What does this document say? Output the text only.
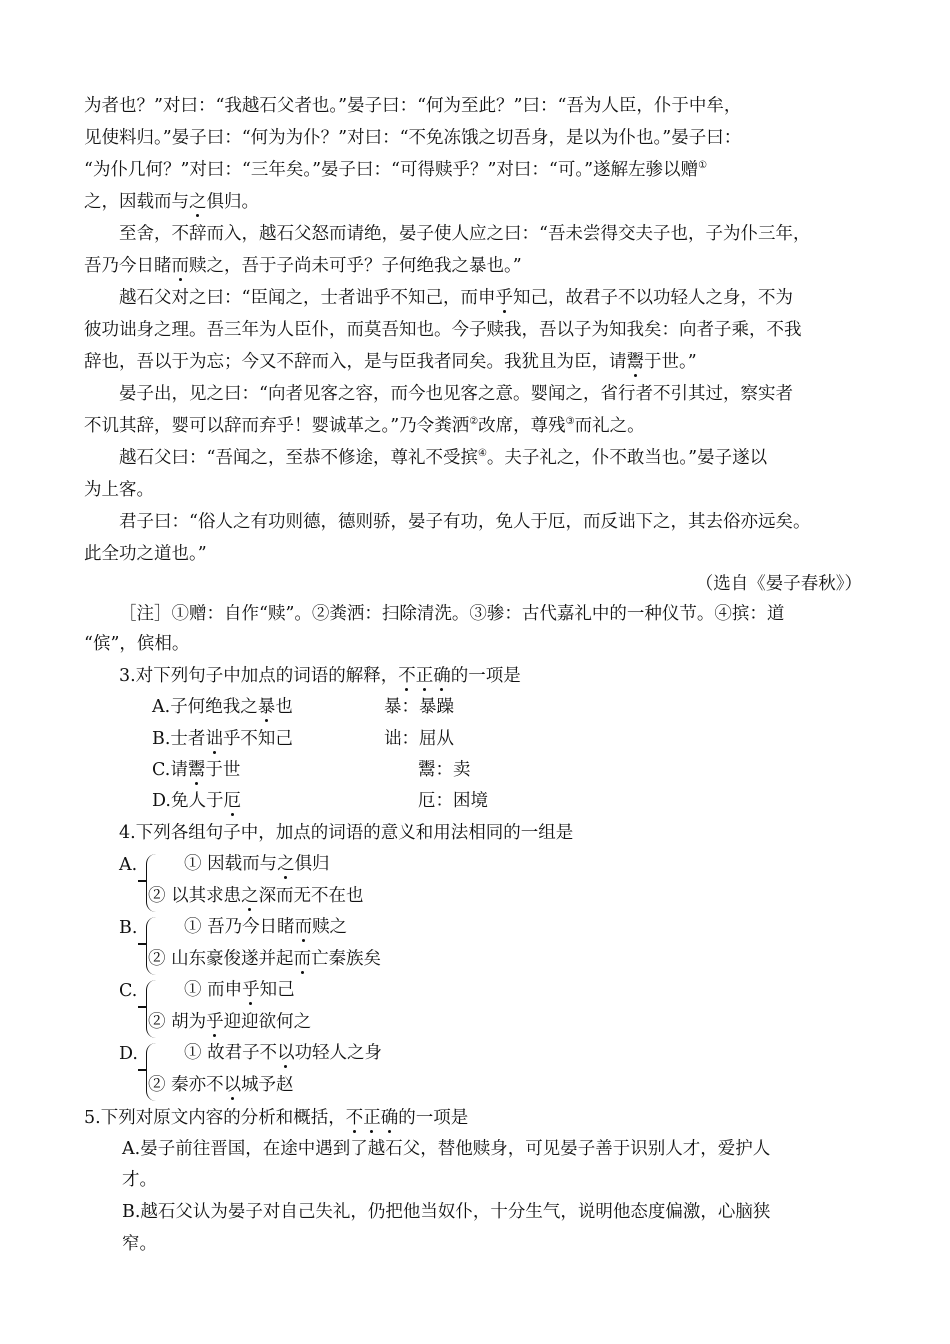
为者也？”对曰：“我越石父者也。”晏子曰：“何为至此？”曰：“吾为人臣，仆于中牟，
见使料归。”晏子曰：“何为为仆？”对曰：“不免冻饿之切吾身，是以为仆也。”晏子曰：
“为仆几何？”对曰：“三年矣。”晏子曰：“可得赎乎？”对曰：“可。”遂解左骖以赠①
之，因载而与之俱归。
至舍，不辞而入，越石父怒而请绝，晏子使人应之曰：“吾未尝得交夫子也，子为仆三年，
吾乃今日睹而赎之，吾于子尚未可乎？子何绝我之暴也。”
越石父对之曰：“臣闻之，士者诎乎不知己，而申乎知己，故君子不以功轻人之身，不为
彼功诎身之理。吾三年为人臣仆，而莫吾知也。今子赎我，吾以子为知我矣：向者子乘，不我
辞也，吾以于为忘；今又不辞而入，是与臣我者同矣。我犹且为臣，请鬻于世。”
晏子出，见之曰：“向者见客之容，而今也见客之意。婴闻之，省行者不引其过，察实者
不讥其辞，婴可以辞而弃乎！婴诚革之。”乃令粪洒②改席，尊残③而礼之。
越石父曰：“吾闻之，至恭不修途，尊礼不受摈④。夫子礼之，仆不敢当也。”晏子遂以
为上客。
君子曰：“俗人之有功则德，德则骄，晏子有功，免人于厄，而反诎下之，其去俗亦远矣。
此全功之道也。”
（选自《晏子春秋》）
［注］①赠：自作“赎”。②粪洒：扫除清洗。③骖：古代嘉礼中的一种仪节。④摈：道
“傧”，傧相。
3.对下列句子中加点的词语的解释，不正确的一项是
A.子何绝我之暴也	暴：暴躁
B.士者诎乎不知己	诎：屈从
C.请鬻于世	鬻：卖
D.免人于厄	厄：困境
4.下列各组句子中，加点的词语的意义和用法相同的一组是
A.	① 因载而与之俱归
② 以其求患之深而无不在也
B.	① 吾乃今日睹而赎之
② 山东豪俊遂并起而亡秦族矣
C.	① 而申乎知己
② 胡为乎迎迎欲何之
D.	① 故君子不以功轻人之身
② 秦亦不以城予赵
5.下列对原文内容的分析和概括，不正确的一项是
A.晏子前往晋国，在途中遇到了越石父，替他赎身，可见晏子善于识别人才，爱护人
才。
B.越石父认为晏子对自己失礼，仍把他当奴仆，十分生气，说明他态度偏激，心脑狭
窄。
